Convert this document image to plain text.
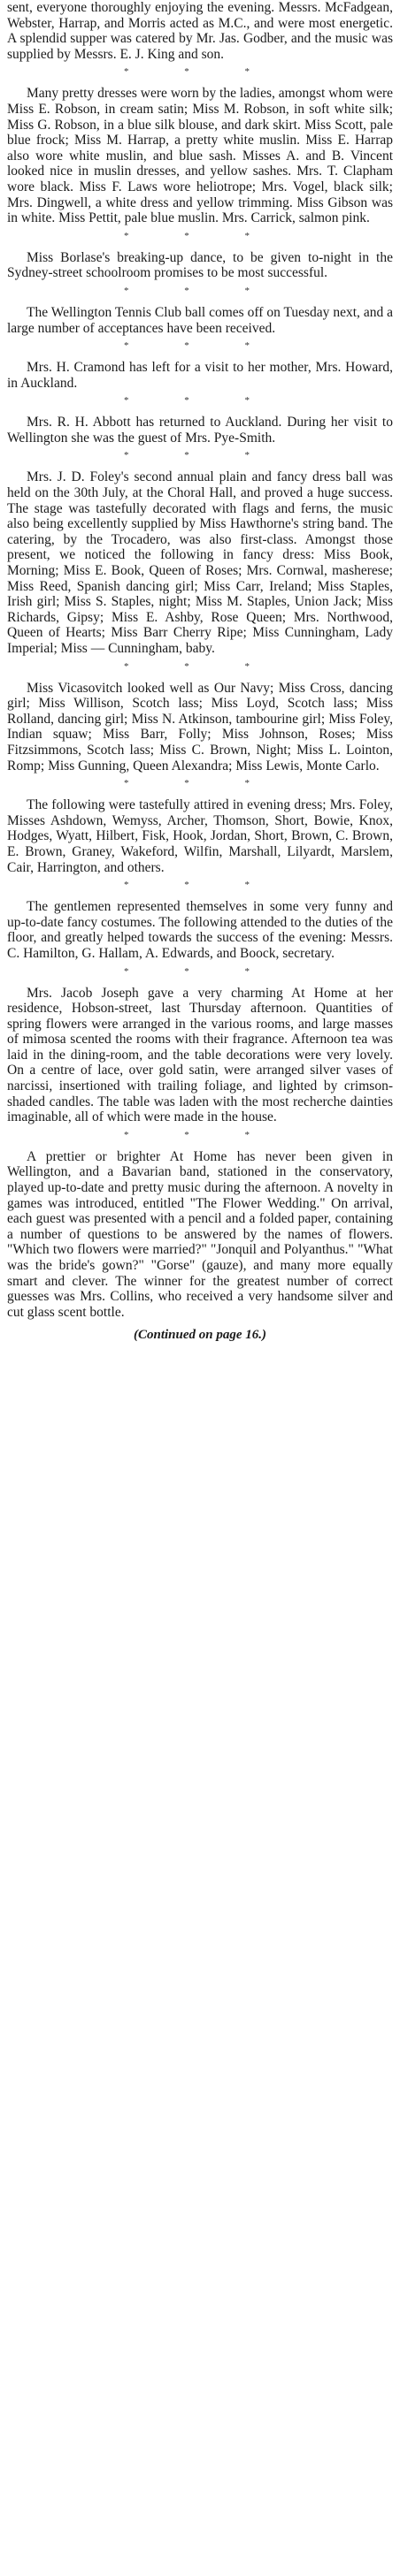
sent, everyone thoroughly enjoying the evening. Messrs. McFadgean, Webster, Harrap, and Morris acted as M.C., and were most energetic. A splendid supper was catered by Mr. Jas. Godber, and the music was supplied by Messrs. E. J. King and son.

* * *

Many pretty dresses were worn by the ladies, amongst whom were Miss E. Robson, in cream satin; Miss M. Robson, in soft white silk; Miss G. Robson, in a blue silk blouse, and dark skirt. Miss Scott, pale blue frock; Miss M. Harrap, a pretty white muslin. Miss E. Harrap also wore white muslin, and blue sash. Misses A. and B. Vincent looked nice in muslin dresses, and yellow sashes. Mrs. T. Clapham wore black. Miss F. Laws wore heliotrope; Mrs. Vogel, black silk; Mrs. Dingwell, a white dress and yellow trimming. Miss Gibson was in white. Miss Pettit, pale blue muslin. Mrs. Carrick, salmon pink.

* * *

Miss Borlase's breaking-up dance, to be given to-night in the Sydney-street schoolroom promises to be most successful.

* * *

The Wellington Tennis Club ball comes off on Tuesday next, and a large number of acceptances have been received.

* * *

Mrs. H. Cramond has left for a visit to her mother, Mrs. Howard, in Auckland.

* * *

Mrs. R. H. Abbott has returned to Auckland. During her visit to Wellington she was the guest of Mrs. Pye-Smith.

* * *

Mrs. J. D. Foley's second annual plain and fancy dress ball was held on the 30th July, at the Choral Hall, and proved a huge success. The stage was tastefully decorated with flags and ferns, the music also being excellently supplied by Miss Hawthorne's string band. The catering, by the Trocadero, was also first-class. Amongst those present, we noticed the following in fancy dress: Miss Book, Morning; Miss E. Book, Queen of Roses; Mrs. Cornwal, masherese; Miss Reed, Spanish dancing girl; Miss Carr, Ireland; Miss Staples, Irish girl; Miss S. Staples, night; Miss M. Staples, Union Jack; Miss Richards, Gipsy; Miss E. Ashby, Rose Queen; Mrs. Northwood, Queen of Hearts; Miss Barr Cherry Ripe; Miss Cunningham, Lady Imperial; Miss — Cunningham, baby.

* * *

Miss Vicasovitch looked well as Our Navy; Miss Cross, dancing girl; Miss Willison, Scotch lass; Miss Loyd, Scotch lass; Miss Rolland, dancing girl; Miss N. Atkinson, tambourine girl; Miss Foley, Indian squaw; Miss Barr, Folly; Miss Johnson, Roses; Miss Fitzsimmons, Scotch lass; Miss C. Brown, Night; Miss L. Lointon, Romp; Miss Gunning, Queen Alexandra; Miss Lewis, Monte Carlo.

* * *

The following were tastefully attired in evening dress; Mrs. Foley, Misses Ashdown, Wemyss, Archer, Thomson, Short, Bowie, Knox, Hodges, Wyatt, Hilbert, Fisk, Hook, Jordan, Short, Brown, C. Brown, E. Brown, Graney, Wakeford, Wilfin, Marshall, Lilyardt, Marslem, Cair, Harrington, and others.

* * *

The gentlemen represented themselves in some very funny and up-to-date fancy costumes. The following attended to the duties of the floor, and greatly helped towards the success of the evening: Messrs. C. Hamilton, G. Hallam, A. Edwards, and Boock, secretary.

* * *

Mrs. Jacob Joseph gave a very charming At Home at her residence, Hobson-street, last Thursday afternoon. Quantities of spring flowers were arranged in the various rooms, and large masses of mimosa scented the rooms with their fragrance. Afternoon tea was laid in the dining-room, and the table decorations were very lovely. On a centre of lace, over gold satin, were arranged silver vases of narcissi, insertioned with trailing foliage, and lighted by crimson-shaded candles. The table was laden with the most recherche dainties imaginable, all of which were made in the house.

* * *

A prettier or brighter At Home has never been given in Wellington, and a Bavarian band, stationed in the conservatory, played up-to-date and pretty music during the afternoon. A novelty in games was introduced, entitled "The Flower Wedding." On arrival, each guest was presented with a pencil and a folded paper, containing a number of questions to be answered by the names of flowers. "Which two flowers were married?" "Jonquil and Polyanthus." "What was the bride's gown?" "Gorse" (gauze), and many more equally smart and clever. The winner for the greatest number of correct guesses was Mrs. Collins, who received a very handsome silver and cut glass scent bottle.

(Continued on page 16.)
